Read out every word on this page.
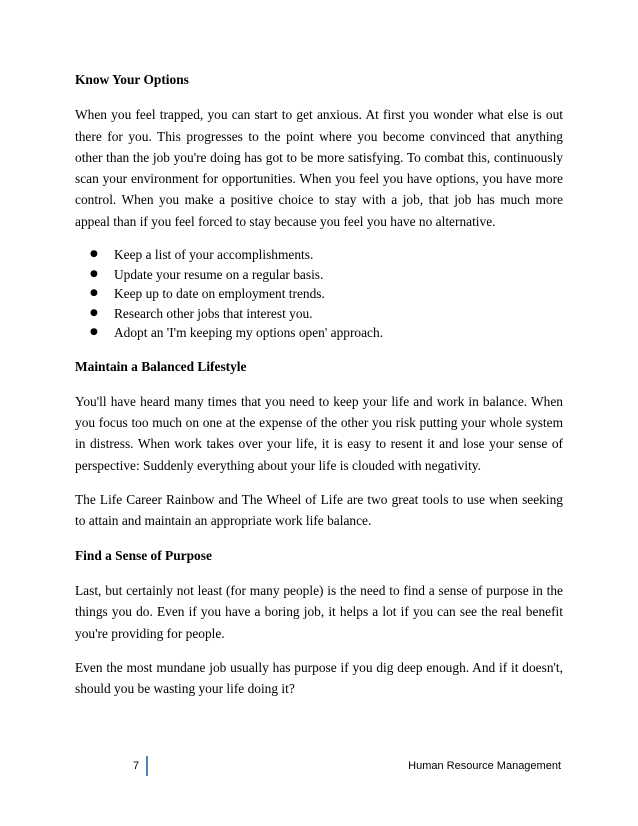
Know Your Options

When you feel trapped, you can start to get anxious. At first you wonder what else is out there for you. This progresses to the point where you become convinced that anything other than the job you're doing has got to be more satisfying. To combat this, continuously scan your environment for opportunities. When you feel you have options, you have more control. When you make a positive choice to stay with a job, that job has much more appeal than if you feel forced to stay because you feel you have no alternative.

● Keep a list of your accomplishments.
● Update your resume on a regular basis.
● Keep up to date on employment trends.
● Research other jobs that interest you.
● Adopt an 'I'm keeping my options open' approach.
Maintain a Balanced Lifestyle

You'll have heard many times that you need to keep your life and work in balance. When you focus too much on one at the expense of the other you risk putting your whole system in distress. When work takes over your life, it is easy to resent it and lose your sense of perspective: Suddenly everything about your life is clouded with negativity.

The Life Career Rainbow and The Wheel of Life are two great tools to use when seeking to attain and maintain an appropriate work life balance.

Find a Sense of Purpose

Last, but certainly not least (for many people) is the need to find a sense of purpose in the things you do. Even if you have a boring job, it helps a lot if you can see the real benefit you're providing for people.

Even the most mundane job usually has purpose if you dig deep enough. And if it doesn't, should you be wasting your life doing it?

7	Human Resource Management
